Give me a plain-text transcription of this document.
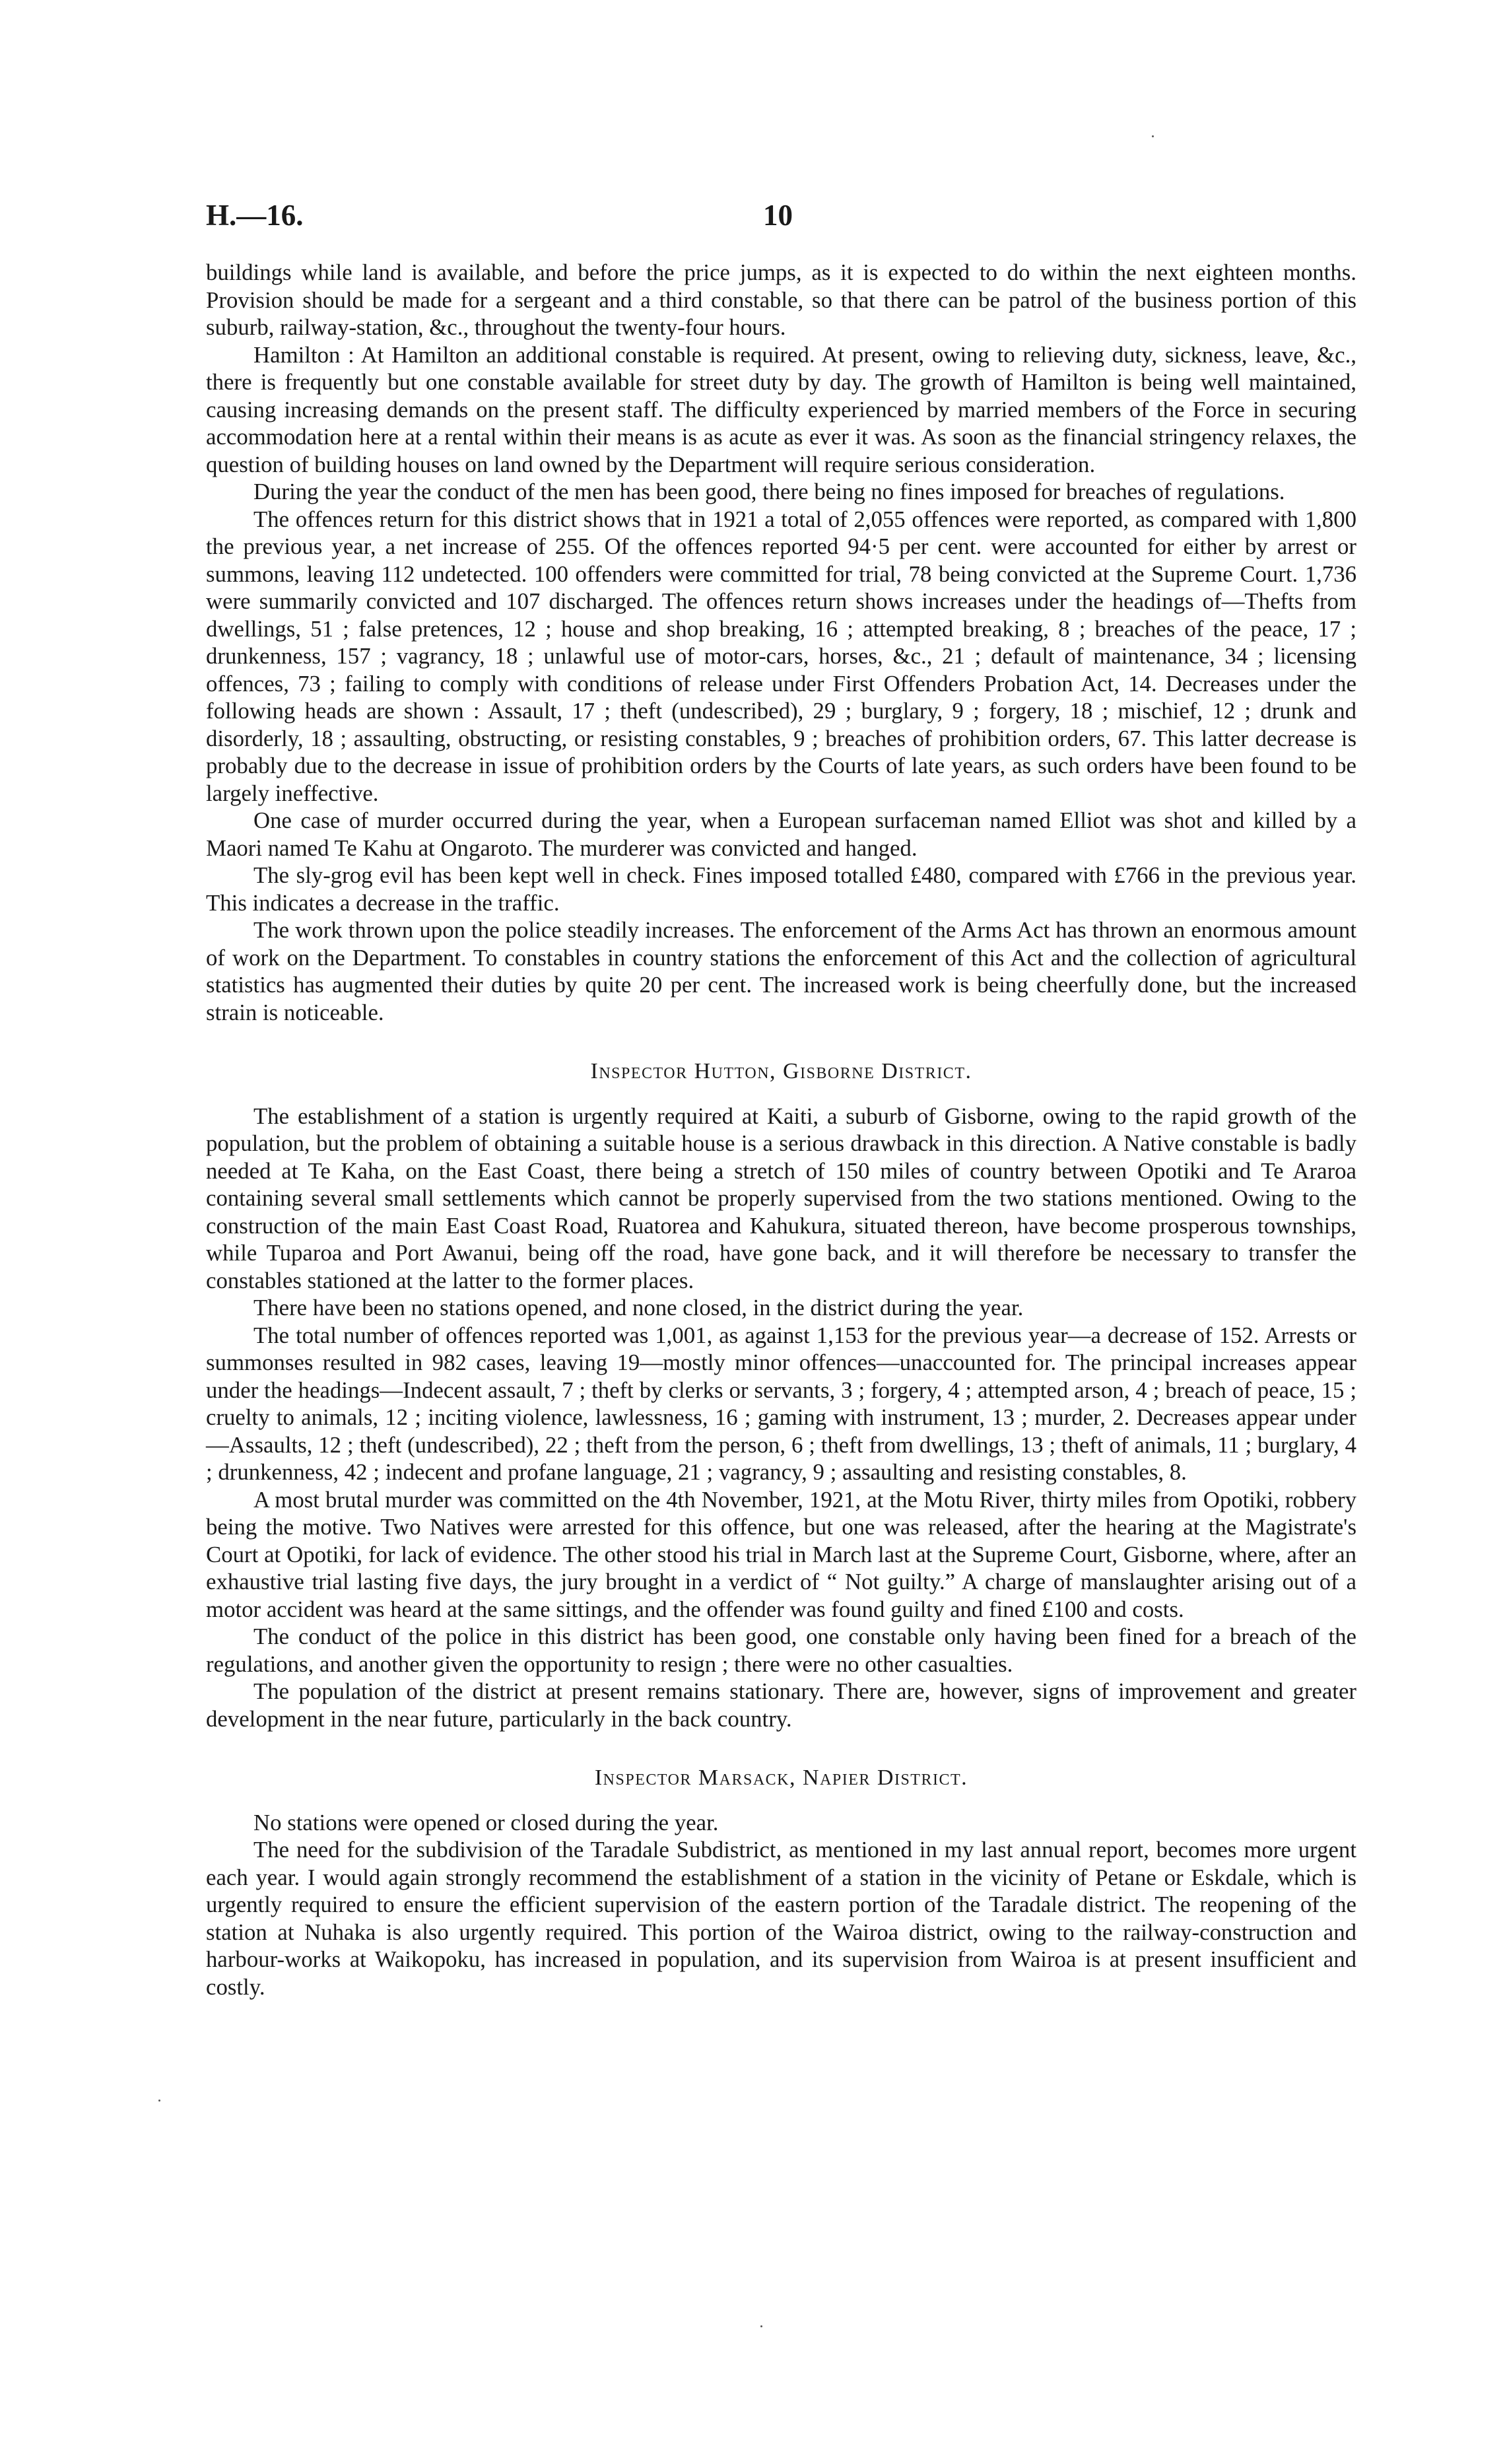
H.—16.	10

buildings while land is available, and before the price jumps, as it is expected to do within the next eighteen months. Provision should be made for a sergeant and a third constable, so that there can be patrol of the business portion of this suburb, railway-station, &c., throughout the twenty-four hours.

Hamilton : At Hamilton an additional constable is required. At present, owing to relieving duty, sickness, leave, &c., there is frequently but one constable available for street duty by day. The growth of Hamilton is being well maintained, causing increasing demands on the present staff. The difficulty experienced by married members of the Force in securing accommodation here at a rental within their means is as acute as ever it was. As soon as the financial stringency relaxes, the question of building houses on land owned by the Department will require serious consideration.

During the year the conduct of the men has been good, there being no fines imposed for breaches of regulations.

The offences return for this district shows that in 1921 a total of 2,055 offences were reported, as compared with 1,800 the previous year, a net increase of 255. Of the offences reported 94·5 per cent. were accounted for either by arrest or summons, leaving 112 undetected. 100 offenders were committed for trial, 78 being convicted at the Supreme Court. 1,736 were summarily convicted and 107 discharged. The offences return shows increases under the headings of—Thefts from dwellings, 51 ; false pretences, 12 ; house and shop breaking, 16 ; attempted breaking, 8 ; breaches of the peace, 17 ; drunkenness, 157 ; vagrancy, 18 ; unlawful use of motor-cars, horses, &c., 21 ; default of maintenance, 34 ; licensing offences, 73 ; failing to comply with conditions of release under First Offenders Probation Act, 14. Decreases under the following heads are shown : Assault, 17 ; theft (undescribed), 29 ; burglary, 9 ; forgery, 18 ; mischief, 12 ; drunk and disorderly, 18 ; assaulting, obstructing, or resisting constables, 9 ; breaches of prohibition orders, 67. This latter decrease is probably due to the decrease in issue of prohibition orders by the Courts of late years, as such orders have been found to be largely ineffective.

One case of murder occurred during the year, when a European surfaceman named Elliot was shot and killed by a Maori named Te Kahu at Ongaroto. The murderer was convicted and hanged.

The sly-grog evil has been kept well in check. Fines imposed totalled £480, compared with £766 in the previous year. This indicates a decrease in the traffic.

The work thrown upon the police steadily increases. The enforcement of the Arms Act has thrown an enormous amount of work on the Department. To constables in country stations the enforcement of this Act and the collection of agricultural statistics has augmented their duties by quite 20 per cent. The increased work is being cheerfully done, but the increased strain is noticeable.

Inspector Hutton, Gisborne District.

The establishment of a station is urgently required at Kaiti, a suburb of Gisborne, owing to the rapid growth of the population, but the problem of obtaining a suitable house is a serious drawback in this direction. A Native constable is badly needed at Te Kaha, on the East Coast, there being a stretch of 150 miles of country between Opotiki and Te Araroa containing several small settlements which cannot be properly supervised from the two stations mentioned. Owing to the construction of the main East Coast Road, Ruatorea and Kahukura, situated thereon, have become prosperous townships, while Tuparoa and Port Awanui, being off the road, have gone back, and it will therefore be necessary to transfer the constables stationed at the latter to the former places.

There have been no stations opened, and none closed, in the district during the year.

The total number of offences reported was 1,001, as against 1,153 for the previous year—a decrease of 152. Arrests or summonses resulted in 982 cases, leaving 19—mostly minor offences—unaccounted for. The principal increases appear under the headings—Indecent assault, 7 ; theft by clerks or servants, 3 ; forgery, 4 ; attempted arson, 4 ; breach of peace, 15 ; cruelty to animals, 12 ; inciting violence, lawlessness, 16 ; gaming with instrument, 13 ; murder, 2. Decreases appear under—Assaults, 12 ; theft (undescribed), 22 ; theft from the person, 6 ; theft from dwellings, 13 ; theft of animals, 11 ; burglary, 4 ; drunkenness, 42 ; indecent and profane language, 21 ; vagrancy, 9 ; assaulting and resisting constables, 8.

A most brutal murder was committed on the 4th November, 1921, at the Motu River, thirty miles from Opotiki, robbery being the motive. Two Natives were arrested for this offence, but one was released, after the hearing at the Magistrate's Court at Opotiki, for lack of evidence. The other stood his trial in March last at the Supreme Court, Gisborne, where, after an exhaustive trial lasting five days, the jury brought in a verdict of “ Not guilty.” A charge of manslaughter arising out of a motor accident was heard at the same sittings, and the offender was found guilty and fined £100 and costs.

The conduct of the police in this district has been good, one constable only having been fined for a breach of the regulations, and another given the opportunity to resign ; there were no other casualties.

The population of the district at present remains stationary. There are, however, signs of improvement and greater development in the near future, particularly in the back country.

Inspector Marsack, Napier District.

No stations were opened or closed during the year.

The need for the subdivision of the Taradale Subdistrict, as mentioned in my last annual report, becomes more urgent each year. I would again strongly recommend the establishment of a station in the vicinity of Petane or Eskdale, which is urgently required to ensure the efficient supervision of the eastern portion of the Taradale district. The reopening of the station at Nuhaka is also urgently required. This portion of the Wairoa district, owing to the railway-construction and harbour-works at Waikopoku, has increased in population, and its supervision from Wairoa is at present insufficient and costly.
